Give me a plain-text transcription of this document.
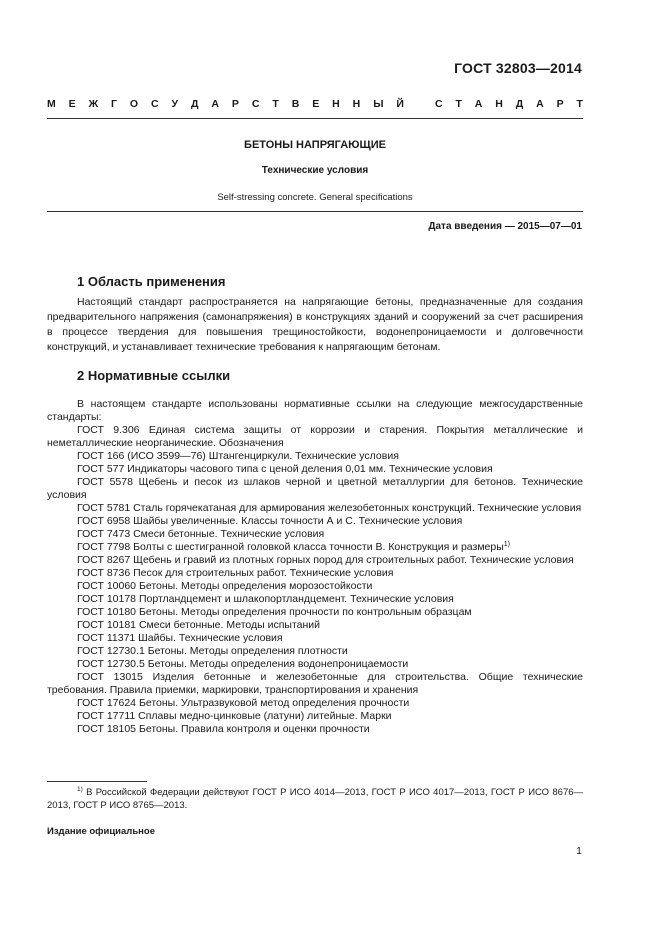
ГОСТ 32803—2014
М Е Ж Г О С У Д А Р С Т В Е Н Н Ы Й	С Т А Н Д А Р Т
БЕТОНЫ НАПРЯГАЮЩИЕ
Технические условия
Self-stressing concrete. General specifications
Дата введения — 2015—07—01
1 Область применения
Настоящий стандарт распространяется на напрягающие бетоны, предназначенные для создания предварительного напряжения (самонапряжения) в конструкциях зданий и сооружений за счет расширения в процессе твердения для повышения трещиностойкости, водонепроницаемости и долговечности конструкций, и устанавливает технические требования к напрягающим бетонам.
2 Нормативные ссылки

В настоящем стандарте использованы нормативные ссылки на следующие межгосударственные стандарты:

ГОСТ 9.306 Единая система защиты от коррозии и старения. Покрытия металлические и неметаллические неорганические. Обозначения

ГОСТ 166 (ИСО 3599—76) Штангенциркули. Технические условия

ГОСТ 577 Индикаторы часового типа с ценой деления 0,01 мм. Технические условия

ГОСТ 5578 Щебень и песок из шлаков черной и цветной металлургии для бетонов. Технические условия

ГОСТ 5781 Сталь горячекатаная для армирования железобетонных конструкций. Технические условия

ГОСТ 6958 Шайбы увеличенные. Классы точности А и С. Технические условия

ГОСТ 7473 Смеси бетонные. Технические условия

ГОСТ 7798 Болты с шестигранной головкой класса точности В. Конструкция и размеры$^{1)}$

ГОСТ 8267 Щебень и гравий из плотных горных пород для строительных работ. Технические условия

ГОСТ 8736 Песок для строительных работ. Технические условия

ГОСТ 10060 Бетоны. Методы определения морозостойкости

ГОСТ 10178 Портландцемент и шлакопортландцемент. Технические условия

ГОСТ 10180 Бетоны. Методы определения прочности по контрольным образцам

ГОСТ 10181 Смеси бетонные. Методы испытаний

ГОСТ 11371 Шайбы. Технические условия

ГОСТ 12730.1 Бетоны. Методы определения плотности

ГОСТ 12730.5 Бетоны. Методы определения водонепроницаемости

ГОСТ 13015 Изделия бетонные и железобетонные для строительства. Общие технические требования. Правила приемки, маркировки, транспортирования и хранения

ГОСТ 17624 Бетоны. Ультразвуковой метод определения прочности

ГОСТ 17711 Сплавы медно-цинковые (латуни) литейные. Марки

ГОСТ 18105 Бетоны. Правила контроля и оценки прочности

$^{1)}$ В Российской Федерации действуют ГОСТ Р ИСО 4014—2013, ГОСТ Р ИСО 4017—2013, ГОСТ Р ИСО 8676—2013, ГОСТ Р ИСО 8765—2013.
Издание официальное
1
